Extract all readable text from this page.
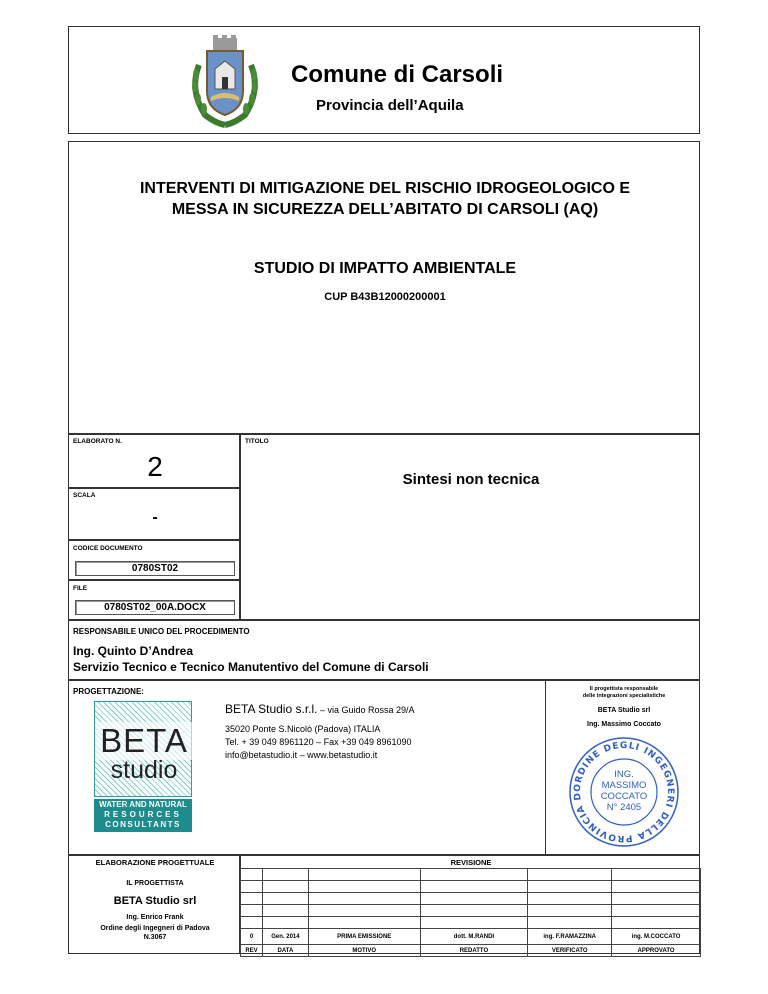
Comune di Carsoli
Provincia dell’Aquila
INTERVENTI DI MITIGAZIONE DEL RISCHIO IDROGEOLOGICO E
MESSA IN SICUREZZA DELL’ABITATO DI CARSOLI (AQ)
STUDIO DI IMPATTO AMBIENTALE
CUP B43B12000200001
ELABORATO N.
2
TITOLO
Sintesi non tecnica
SCALA
-
CODICE DOCUMENTO
0780ST02
FILE
0780ST02_00A.DOCX
RESPONSABILE UNICO DEL PROCEDIMENTO
Ing. Quinto D’Andrea
Servizio Tecnico e Tecnico Manutentivo del Comune di Carsoli
PROGETTAZIONE:
BETA
studio
WATER AND NATURAL
RESOURCES
CONSULTANTS
BETA Studio s.r.l. – via Guido Rossa 29/A
35020 Ponte S.Nicolò (Padova) ITALIA
Tel. + 39 049 8961120 – Fax +39 049 8961090
info@betastudio.it – www.betastudio.it
Il progettista responsabile
delle integrazioni specialistiche
BETA Studio srl
Ing. Massimo Coccato
ORDINE DEGLI INGEGNERI DELLA PROVINCIA D
ING.
MASSIMO
COCCATO
N° 2405
ELABORAZIONE PROGETTUALE
IL PROGETTISTA
BETA Studio srl
Ing. Enrico Frank
Ordine degli Ingegneri di Padova
N.3067
REVISIONE

0	Gen. 2014	PRIMA EMISSIONE	dott. M.RANDI	ing. F.RAMAZZINA	ing. M.COCCATO
REV	DATA	MOTIVO	REDATTO	VERIFICATO	APPROVATO
